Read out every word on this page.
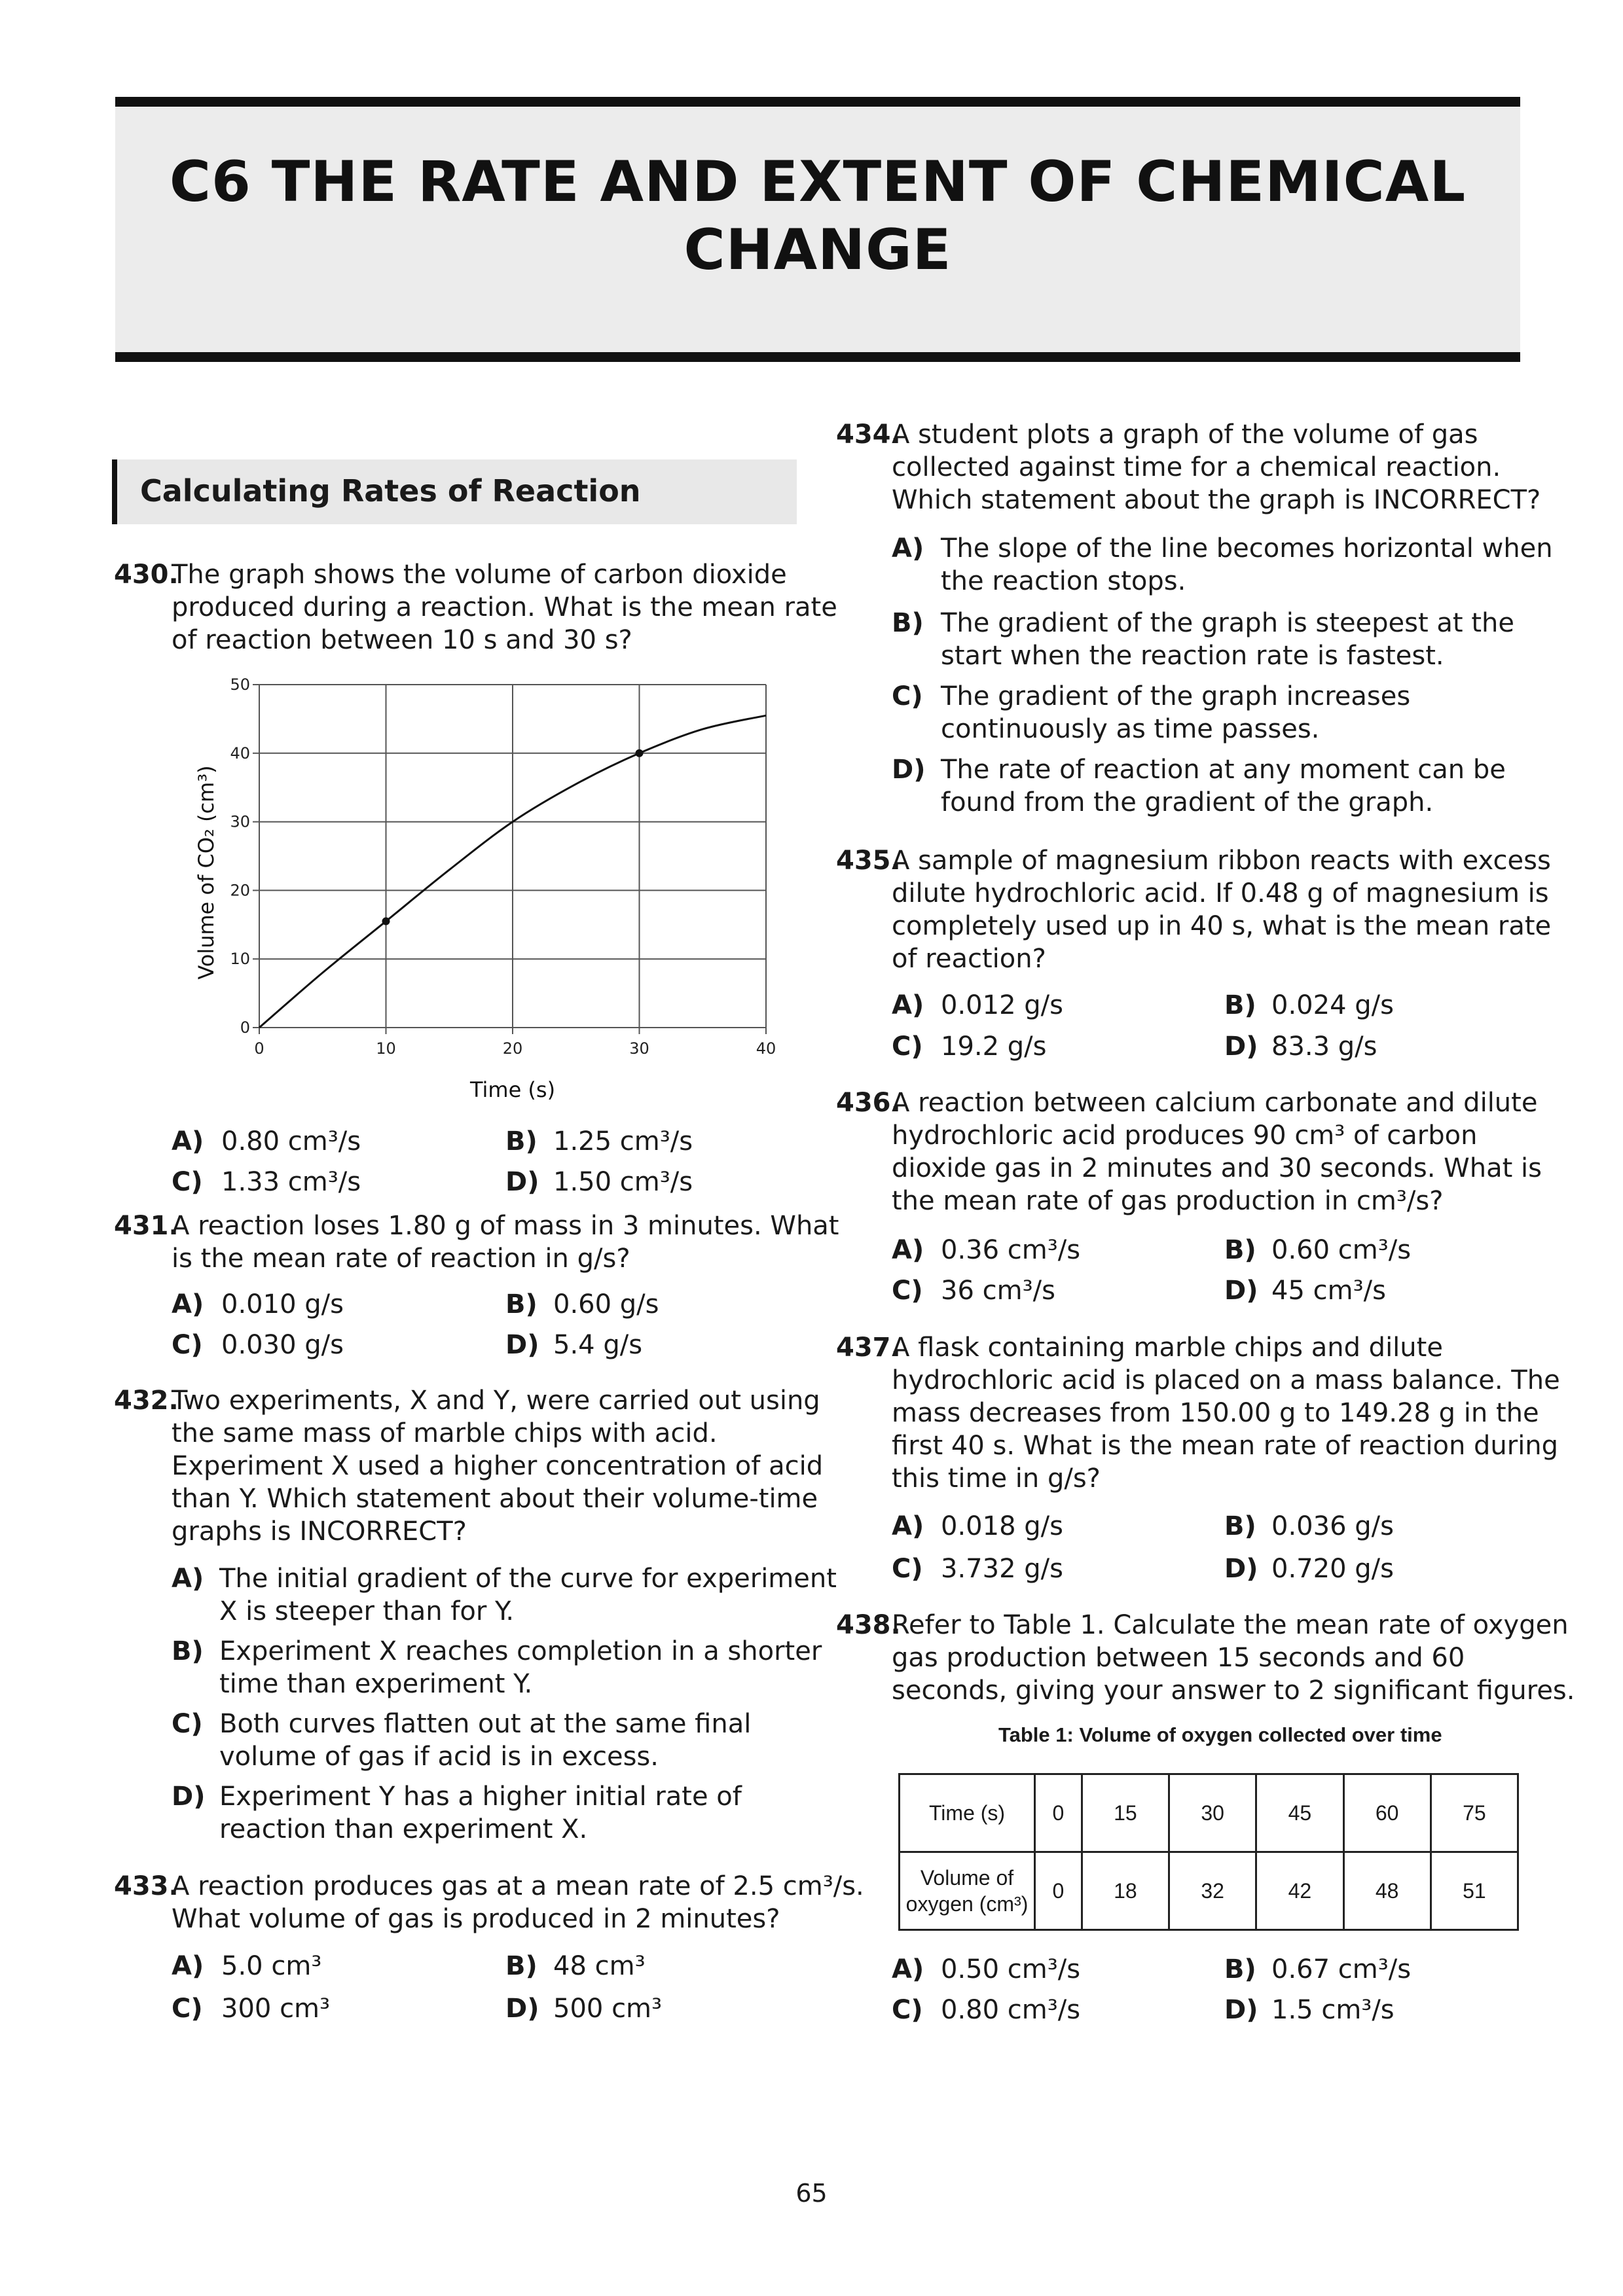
C6 THE RATE AND EXTENT OF CHEMICAL
CHANGE
Calculating Rates of Reaction
430.
The graph shows the volume of carbon dioxide
produced during a reaction. What is the mean rate
of reaction between 10 s and 30 s?
0
10
20
30
40
50
0	10	20	30	40
Time (s)
Volume of CO₂ (cm³)
A) 0.80 cm³/s	B) 1.25 cm³/s
C) 1.33 cm³/s	D) 1.50 cm³/s
431.
A reaction loses 1.80 g of mass in 3 minutes. What
is the mean rate of reaction in g/s?
A) 0.010 g/s	B) 0.60 g/s
C) 0.030 g/s	D) 5.4 g/s
432.
Two experiments, X and Y, were carried out using
the same mass of marble chips with acid.
Experiment X used a higher concentration of acid
than Y. Which statement about their volume-time
graphs is INCORRECT?
A) The initial gradient of the curve for experiment
X is steeper than for Y.
B) Experiment X reaches completion in a shorter
time than experiment Y.
C) Both curves flatten out at the same final
volume of gas if acid is in excess.
D) Experiment Y has a higher initial rate of
reaction than experiment X.
433.
A reaction produces gas at a mean rate of 2.5 cm³/s.
What volume of gas is produced in 2 minutes?
A) 5.0 cm³	B) 48 cm³
C) 300 cm³	D) 500 cm³
434.
A student plots a graph of the volume of gas
collected against time for a chemical reaction.
Which statement about the graph is INCORRECT?
A) The slope of the line becomes horizontal when
the reaction stops.
B) The gradient of the graph is steepest at the
start when the reaction rate is fastest.
C) The gradient of the graph increases
continuously as time passes.
D) The rate of reaction at any moment can be
found from the gradient of the graph.
435.
A sample of magnesium ribbon reacts with excess
dilute hydrochloric acid. If 0.48 g of magnesium is
completely used up in 40 s, what is the mean rate
of reaction?
A) 0.012 g/s	B) 0.024 g/s
C) 19.2 g/s	D) 83.3 g/s
436.
A reaction between calcium carbonate and dilute
hydrochloric acid produces 90 cm³ of carbon
dioxide gas in 2 minutes and 30 seconds. What is
the mean rate of gas production in cm³/s?
A) 0.36 cm³/s	B) 0.60 cm³/s
C) 36 cm³/s	D) 45 cm³/s
437.
A flask containing marble chips and dilute
hydrochloric acid is placed on a mass balance. The
mass decreases from 150.00 g to 149.28 g in the
first 40 s. What is the mean rate of reaction during
this time in g/s?
A) 0.018 g/s	B) 0.036 g/s
C) 3.732 g/s	D) 0.720 g/s
438.
Refer to Table 1. Calculate the mean rate of oxygen
gas production between 15 seconds and 60
seconds, giving your answer to 2 significant figures.
Table 1: Volume of oxygen collected over time
Time (s)	0	15	30	45	60	75

Volume of
oxygen (cm³)	0	18	32	42	48	51
A) 0.50 cm³/s	B) 0.67 cm³/s
C) 0.80 cm³/s	D) 1.5 cm³/s
65
